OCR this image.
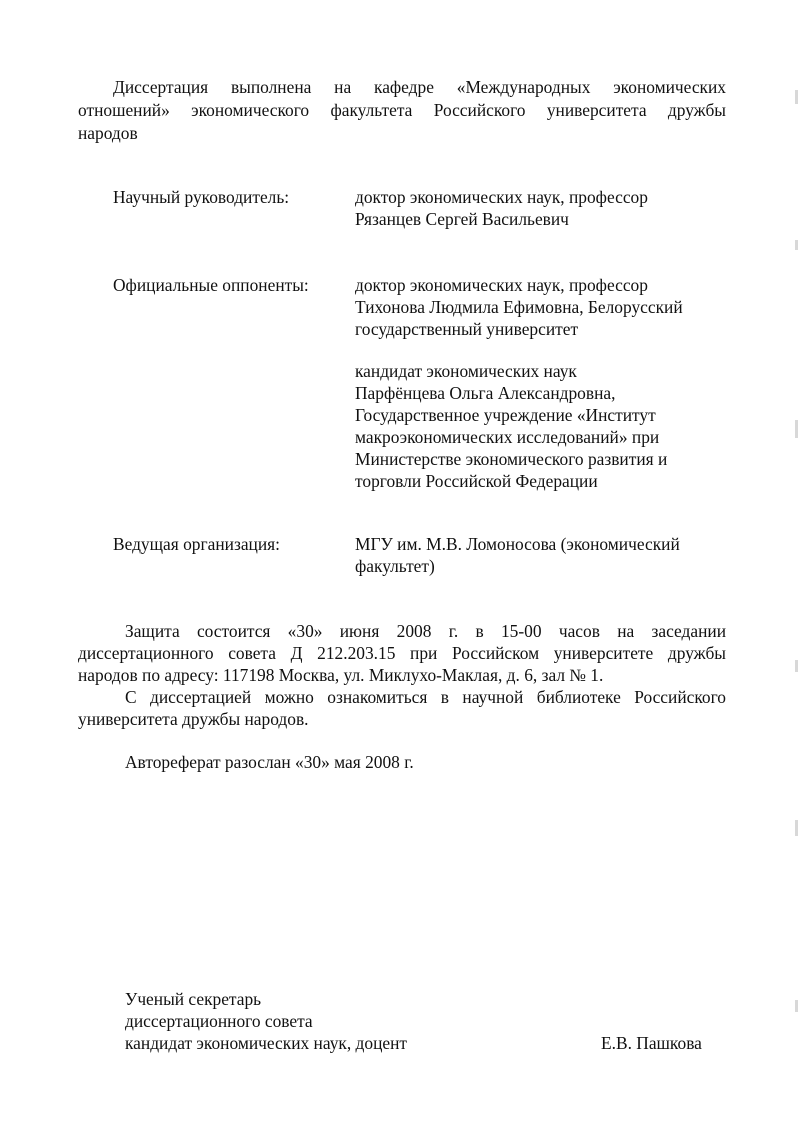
Диссертация выполнена на кафедре «Международных экономических
отношений» экономического факультета Российского университета дружбы
народов
Научный руководитель:	доктор экономических наук, профессор
Рязанцев Сергей Васильевич
Официальные оппоненты:	доктор экономических наук, профессор
Тихонова Людмила Ефимовна, Белорусский
государственный университет
кандидат экономических наук
Парфёнцева Ольга Александровна,
Государственное учреждение «Институт
макроэкономических исследований» при
Министерстве экономического развития и
торговли Российской Федерации
Ведущая организация:	МГУ им. М.В. Ломоносова (экономический
факультет)
Защита состоится «30» июня 2008 г. в 15-00 часов на заседании
диссертационного совета Д 212.203.15 при Российском университете дружбы
народов по адресу: 117198 Москва, ул. Миклухо-Маклая, д. 6, зал № 1.
С диссертацией можно ознакомиться в научной библиотеке Российского
университета дружбы народов.
Автореферат разослан «30» мая 2008 г.
Ученый секретарь
диссертационного совета
кандидат экономических наук, доцент	Е.В. Пашкова
